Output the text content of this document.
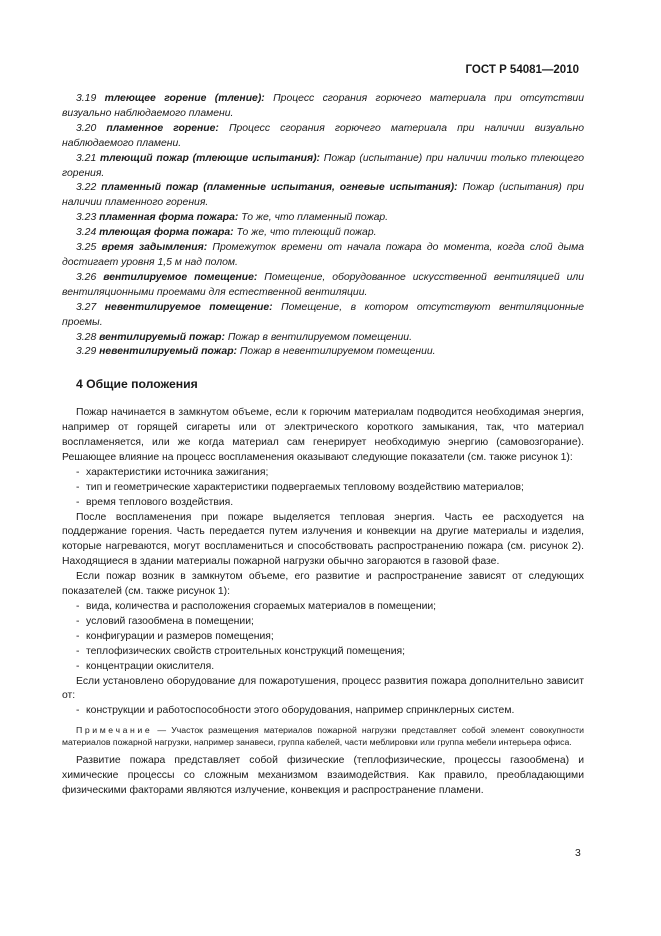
ГОСТ Р 54081—2010

3.19 тлеющее горение (тление): Процесс сгорания горючего материала при отсутствии визуально наблюдаемого пламени.

3.20 пламенное горение: Процесс сгорания горючего материала при наличии визуально наблюдаемого пламени.

3.21 тлеющий пожар (тлеющие испытания): Пожар (испытание) при наличии только тлеющего горения.

3.22 пламенный пожар (пламенные испытания, огневые испытания): Пожар (испытания) при наличии пламенного горения.

3.23 пламенная форма пожара: То же, что пламенный пожар.

3.24 тлеющая форма пожара: То же, что тлеющий пожар.

3.25 время задымления: Промежуток времени от начала пожара до момента, когда слой дыма достигает уровня 1,5 м над полом.

3.26 вентилируемое помещение: Помещение, оборудованное искусственной вентиляцией или вентиляционными проемами для естественной вентиляции.

3.27 невентилируемое помещение: Помещение, в котором отсутствуют вентиляционные проемы.

3.28 вентилируемый пожар: Пожар в вентилируемом помещении.

3.29 невентилируемый пожар: Пожар в невентилируемом помещении.

4 Общие положения

Пожар начинается в замкнутом объеме, если к горючим материалам подводится необходимая энергия, например от горящей сигареты или от электрического короткого замыкания, так, что материал воспламеняется, или же когда материал сам генерирует необходимую энергию (самовозгорание). Решающее влияние на процесс воспламенения оказывают следующие показатели (см. также рисунок 1):

- характеристики источника зажигания;
- тип и геометрические характеристики подвергаемых тепловому воздействию материалов;
- время теплового воздействия.

После воспламенения при пожаре выделяется тепловая энергия. Часть ее расходуется на поддержание горения. Часть передается путем излучения и конвекции на другие материалы и изделия, которые нагреваются, могут воспламениться и способствовать распространению пожара (см. рисунок 2). Находящиеся в здании материалы пожарной нагрузки обычно загораются в газовой фазе.

Если пожар возник в замкнутом объеме, его развитие и распространение зависят от следующих показателей (см. также рисунок 1):

- вида, количества и расположения сгораемых материалов в помещении;
- условий газообмена в помещении;
- конфигурации и размеров помещения;
- теплофизических свойств строительных конструкций помещения;
- концентрации окислителя.

Если установлено оборудование для пожаротушения, процесс развития пожара дополнительно зависит от:

- конструкции и работоспособности этого оборудования, например спринклерных систем.

Примечание — Участок размещения материалов пожарной нагрузки представляет собой элемент совокупности материалов пожарной нагрузки, например занавеси, группа кабелей, части меблировки или группа мебели интерьера офиса.

Развитие пожара представляет собой физические (теплофизические, процессы газообмена) и химические процессы со сложным механизмом взаимодействия. Как правило, преобладающими физическими факторами являются излучение, конвекция и распространение пламени.

3
